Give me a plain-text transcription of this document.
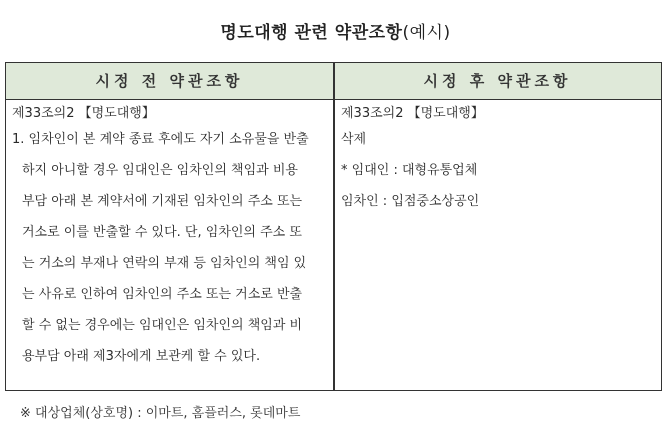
명도대행 관련 약관조항(예시)
시정 전 약관조항	시정 후 약관조항
제33조의2 【명도대행】
1. 임차인이 본 계약 종료 후에도 자기 소유물을 반출
하지 아니할 경우 임대인은 임차인의 책임과 비용
부담 아래 본 계약서에 기재된 임차인의 주소 또는
거소로 이를 반출할 수 있다. 단, 임차인의 주소 또
는 거소의 부재나 연락의 부재 등 임차인의 책임 있
는 사유로 인하여 임차인의 주소 또는 거소로 반출
할 수 없는 경우에는 임대인은 임차인의 책임과 비
용부담 아래 제3자에게 보관케 할 수 있다.
제33조의2 【명도대행】
삭제
* 임대인 : 대형유통업체
임차인 : 입점중소상공인
※ 대상업체(상호명) : 이마트, 홈플러스, 롯데마트
